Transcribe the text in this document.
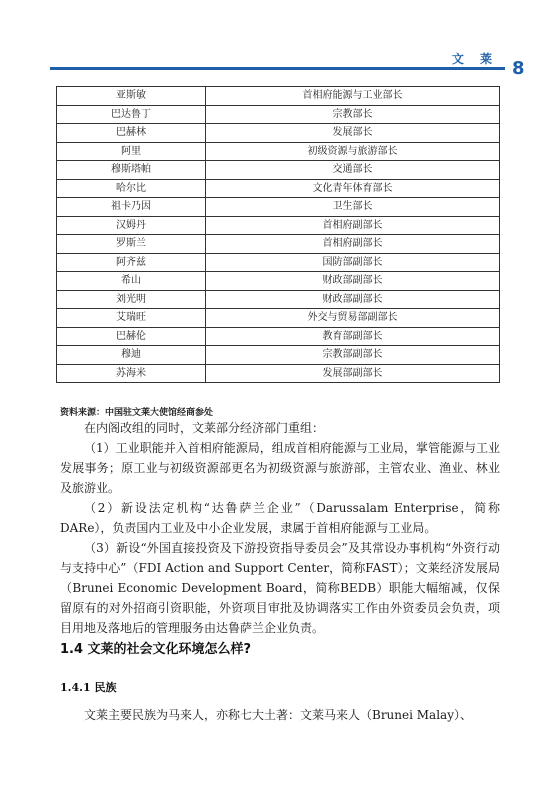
文 莱 8
亚斯敏	首相府能源与工业部长
巴达鲁丁	宗教部长
巴赫林	发展部长
阿里	初级资源与旅游部长
穆斯塔帕	交通部长
哈尔比	文化青年体育部长
祖卡乃因	卫生部长
汉姆丹	首相府副部长
罗斯兰	首相府副部长
阿齐兹	国防部副部长
希山	财政部副部长
刘光明	财政部副部长
艾瑞旺	外交与贸易部副部长
巴赫伦	教育部副部长
穆迪	宗教部副部长
苏海米	发展部副部长
资料来源：中国驻文莱大使馆经商参处

在内阁改组的同时，文莱部分经济部门重组：

（1）工业职能并入首相府能源局，组成首相府能源与工业局，掌管能源与工业发展事务；原工业与初级资源部更名为初级资源与旅游部，主管农业、渔业、林业及旅游业。

（2）新设法定机构“达鲁萨兰企业”（Darussalam Enterprise，简称DARe），负责国内工业及中小企业发展，隶属于首相府能源与工业局。

（3）新设“外国直接投资及下游投资指导委员会”及其常设办事机构“外资行动与支持中心”（FDI Action and Support Center，简称FAST）；文莱经济发展局（Brunei Economic Development Board，简称BEDB）职能大幅缩减，仅保留原有的对外招商引资职能，外资项目审批及协调落实工作由外资委员会负责，项目用地及落地后的管理服务由达鲁萨兰企业负责。

1.4 文莱的社会文化环境怎么样?
1.4.1 民族

文莱主要民族为马来人，亦称七大土著：文莱马来人（Brunei Malay）、
